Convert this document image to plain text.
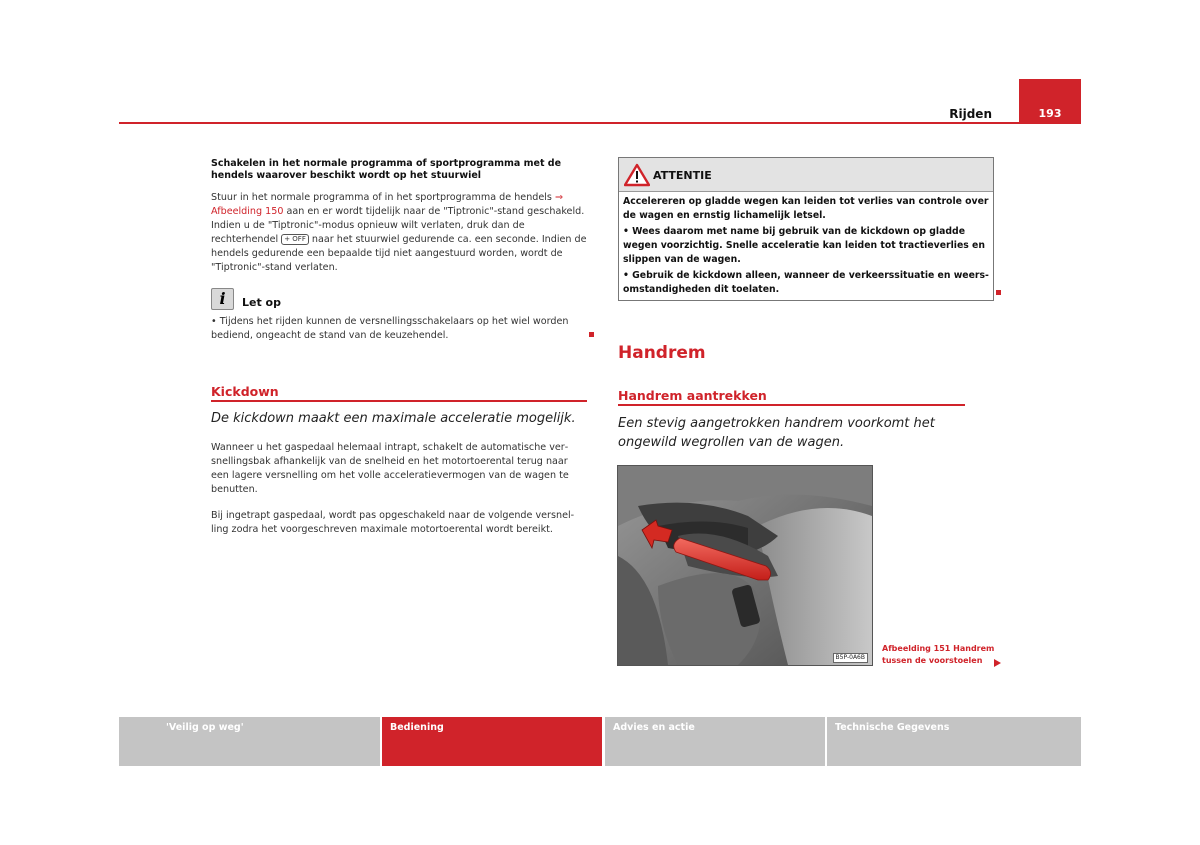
Rijden	193
Schakelen in het normale programma of sportprogramma met de hendels waarover beschikt wordt op het stuurwiel
Stuur in het normale programma of in het sportprogramma de hendels ⇒ Afbeelding 150 aan en er wordt tijdelijk naar de "Tiptronic"-stand geschakeld. Indien u de "Tiptronic"-modus opnieuw wilt verlaten, druk dan de rechterhendel + OFF naar het stuurwiel gedurende ca. een seconde. Indien de hendels gedurende een bepaalde tijd niet aangestuurd worden, wordt de "Tiptronic"-stand verlaten.
i	Let op
• Tijdens het rijden kunnen de versnellingsschakelaars op het wiel worden bediend, ongeacht de stand van de keuzehendel.
Kickdown
De kickdown maakt een maximale acceleratie mogelijk.
Wanneer u het gaspedaal helemaal intrapt, schakelt de automatische versnellingsbak afhankelijk van de snelheid en het motortoerental terug naar een lagere versnelling om het volle acceleratievermogen van de wagen te benutten.
Bij ingetrapt gaspedaal, wordt pas opgeschakeld naar de volgende versnelling zodra het voorgeschreven maximale motortoerental wordt bereikt.
ATTENTIE

Accelereren op gladde wegen kan leiden tot verlies van controle over de wagen en ernstig lichamelijk letsel.

• Wees daarom met name bij gebruik van de kickdown op gladde wegen voorzichtig. Snelle acceleratie kan leiden tot tractieverlies en slippen van de wagen.

• Gebruik de kickdown alleen, wanneer de verkeerssituatie en weersomstandigheden dit toelaten.

Handrem
Handrem aantrekken
Een stevig aangetrokken handrem voorkomt het ongewild wegrollen van de wagen.
B5P-0A6B
Afbeelding 151 Handrem tussen de voorstoelen
'Veilig op weg'	Bediening	Advies en actie	Technische Gegevens
